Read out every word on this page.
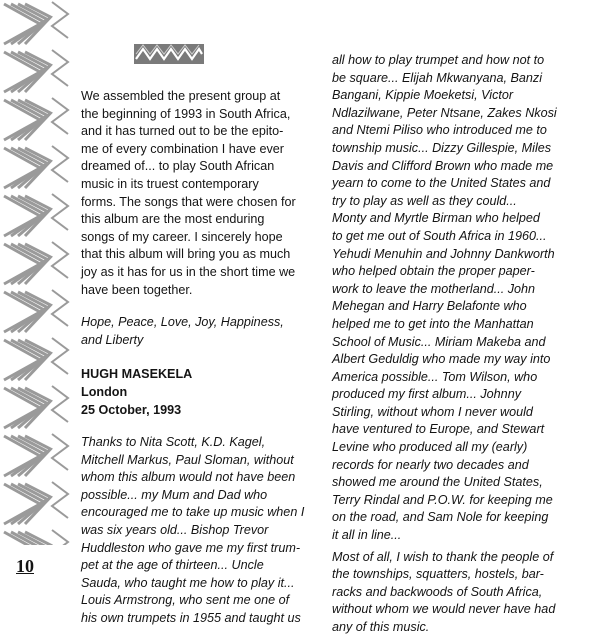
We assembled the present group at
the beginning of 1993 in South Africa,
and it has turned out to be the epito-
me of every combination I have ever
dreamed of... to play South African
music in its truest contemporary
forms. The songs that were chosen for
this album are the most enduring
songs of my career. I sincerely hope
that this album will bring you as much
joy as it has for us in the short time we
have been together.

Hope, Peace, Love, Joy, Happiness,
and Liberty

HUGH MASEKELA
London
25 October, 1993

Thanks to Nita Scott, K.D. Kagel,
Mitchell Markus, Paul Sloman, without
whom this album would not have been
possible... my Mum and Dad who
encouraged me to take up music when I
was six years old... Bishop Trevor
Huddleston who gave me my first trum-
pet at the age of thirteen... Uncle
Sauda, who taught me how to play it...
Louis Armstrong, who sent me one of
his own trumpets in 1955 and taught us

all how to play trumpet and how not to
be square... Elijah Mkwanyana, Banzi
Bangani, Kippie Moeketsi, Victor
Ndlazilwane, Peter Ntsane, Zakes Nkosi
and Ntemi Piliso who introduced me to
township music... Dizzy Gillespie, Miles
Davis and Clifford Brown who made me
yearn to come to the United States and
try to play as well as they could...
Monty and Myrtle Birman who helped
to get me out of South Africa in 1960...
Yehudi Menuhin and Johnny Dankworth
who helped obtain the proper paper-
work to leave the motherland... John
Mehegan and Harry Belafonte who
helped me to get into the Manhattan
School of Music... Miriam Makeba and
Albert Geduldig who made my way into
America possible... Tom Wilson, who
produced my first album... Johnny
Stirling, without whom I never would
have ventured to Europe, and Stewart
Levine who produced all my (early)
records for nearly two decades and
showed me around the United States,
Terry Rindal and P.O.W. for keeping me
on the road, and Sam Nole for keeping
it all in line...

Most of all, I wish to thank the people of
the townships, squatters, hostels, bar-
racks and backwoods of South Africa,
without whom we would never have had
any of this music.

10
